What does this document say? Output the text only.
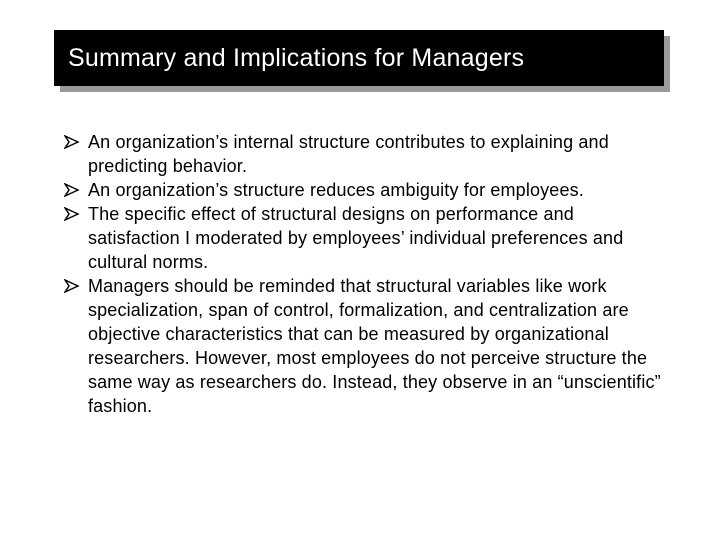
Summary and Implications for Managers
An organization’s internal structure contributes to explaining and predicting behavior.
An organization’s structure reduces ambiguity for employees.
The specific effect of structural designs on performance and satisfaction I moderated by employees’ individual preferences and cultural norms.
Managers should be reminded that structural variables like work specialization, span of control, formalization, and centralization are objective characteristics that can be measured by organizational researchers. However, most employees do not perceive structure the same way as researchers do. Instead, they observe in an “unscientific” fashion.
